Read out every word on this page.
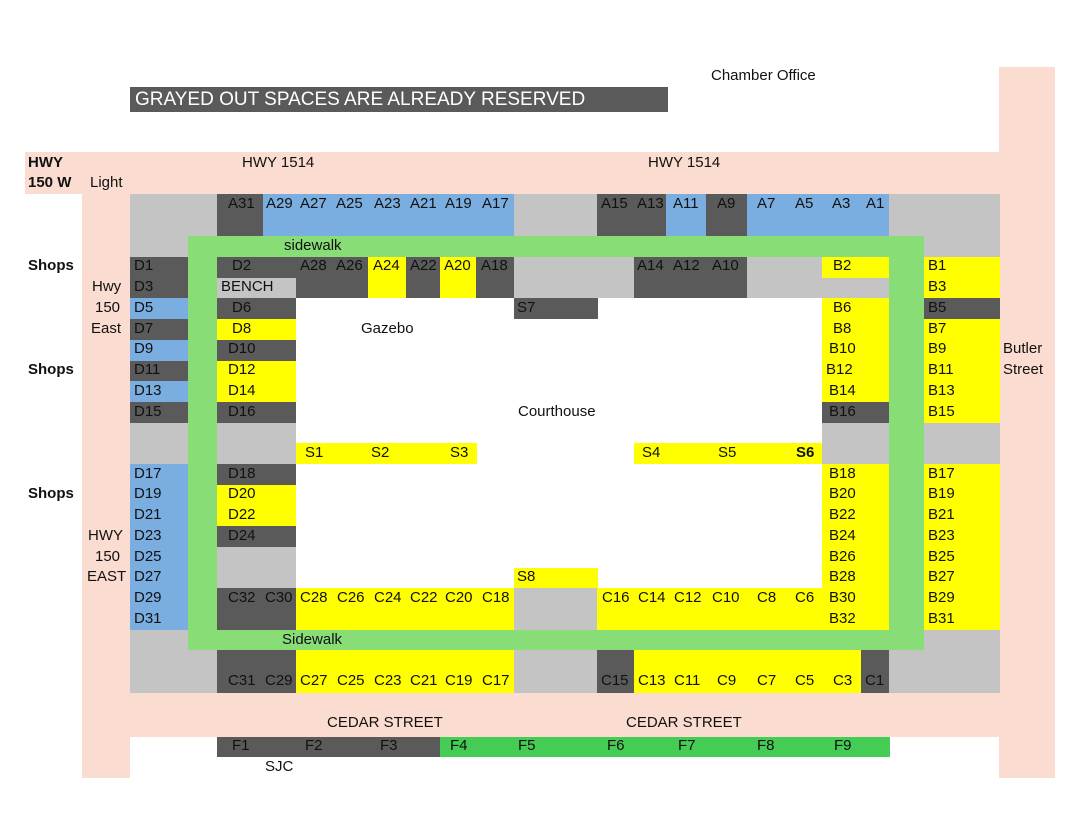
GRAYED OUT SPACES ARE ALREADY RESERVED
Chamber Office
HWY 1514	HWY 1514
HWY
150 W Light
Hwy
150
East
HWY
150
EAST
Butler
Street
CEDAR STREET	CEDAR STREET
sidewalk
Sidewalk
BENCH
Gazebo
Courthouse
SJC
Shops
Shops
Shops
A31 A29 A27 A25 A23 A21 A19 A17	A15 A13 A11 A9 A7 A5 A3 A1
A28 A26 A24 A22 A20 A18	A14 A12 A10
D1
D3
D5
D7
D9
D11
D13
D15
D17
D19
D21
D23
D25
D27
D29
D31
D2
D6
D8
D10
D12
D14
D16
D18
D20
D22
D24
B2
B6
B8
B10
B12
B14
B16
B18
B20
B22
B24
B26
B28
B30
B32
B1
B3
B5
B7
B9
B11
B13
B15
B17
B19
B21
B23
B25
B27
B29
B31
C32 C30 C28 C26 C24 C22 C20 C18	C16 C14 C12 C10 C8 C6
C31 C29 C27 C25 C23 C21 C19 C17	C15 C13 C11 C9 C7 C5 C3 C1
S1	S2	S3	S4	S5	S6
S7
S8
F1	F2	F3	F4	F5	F6	F7	F8	F9
